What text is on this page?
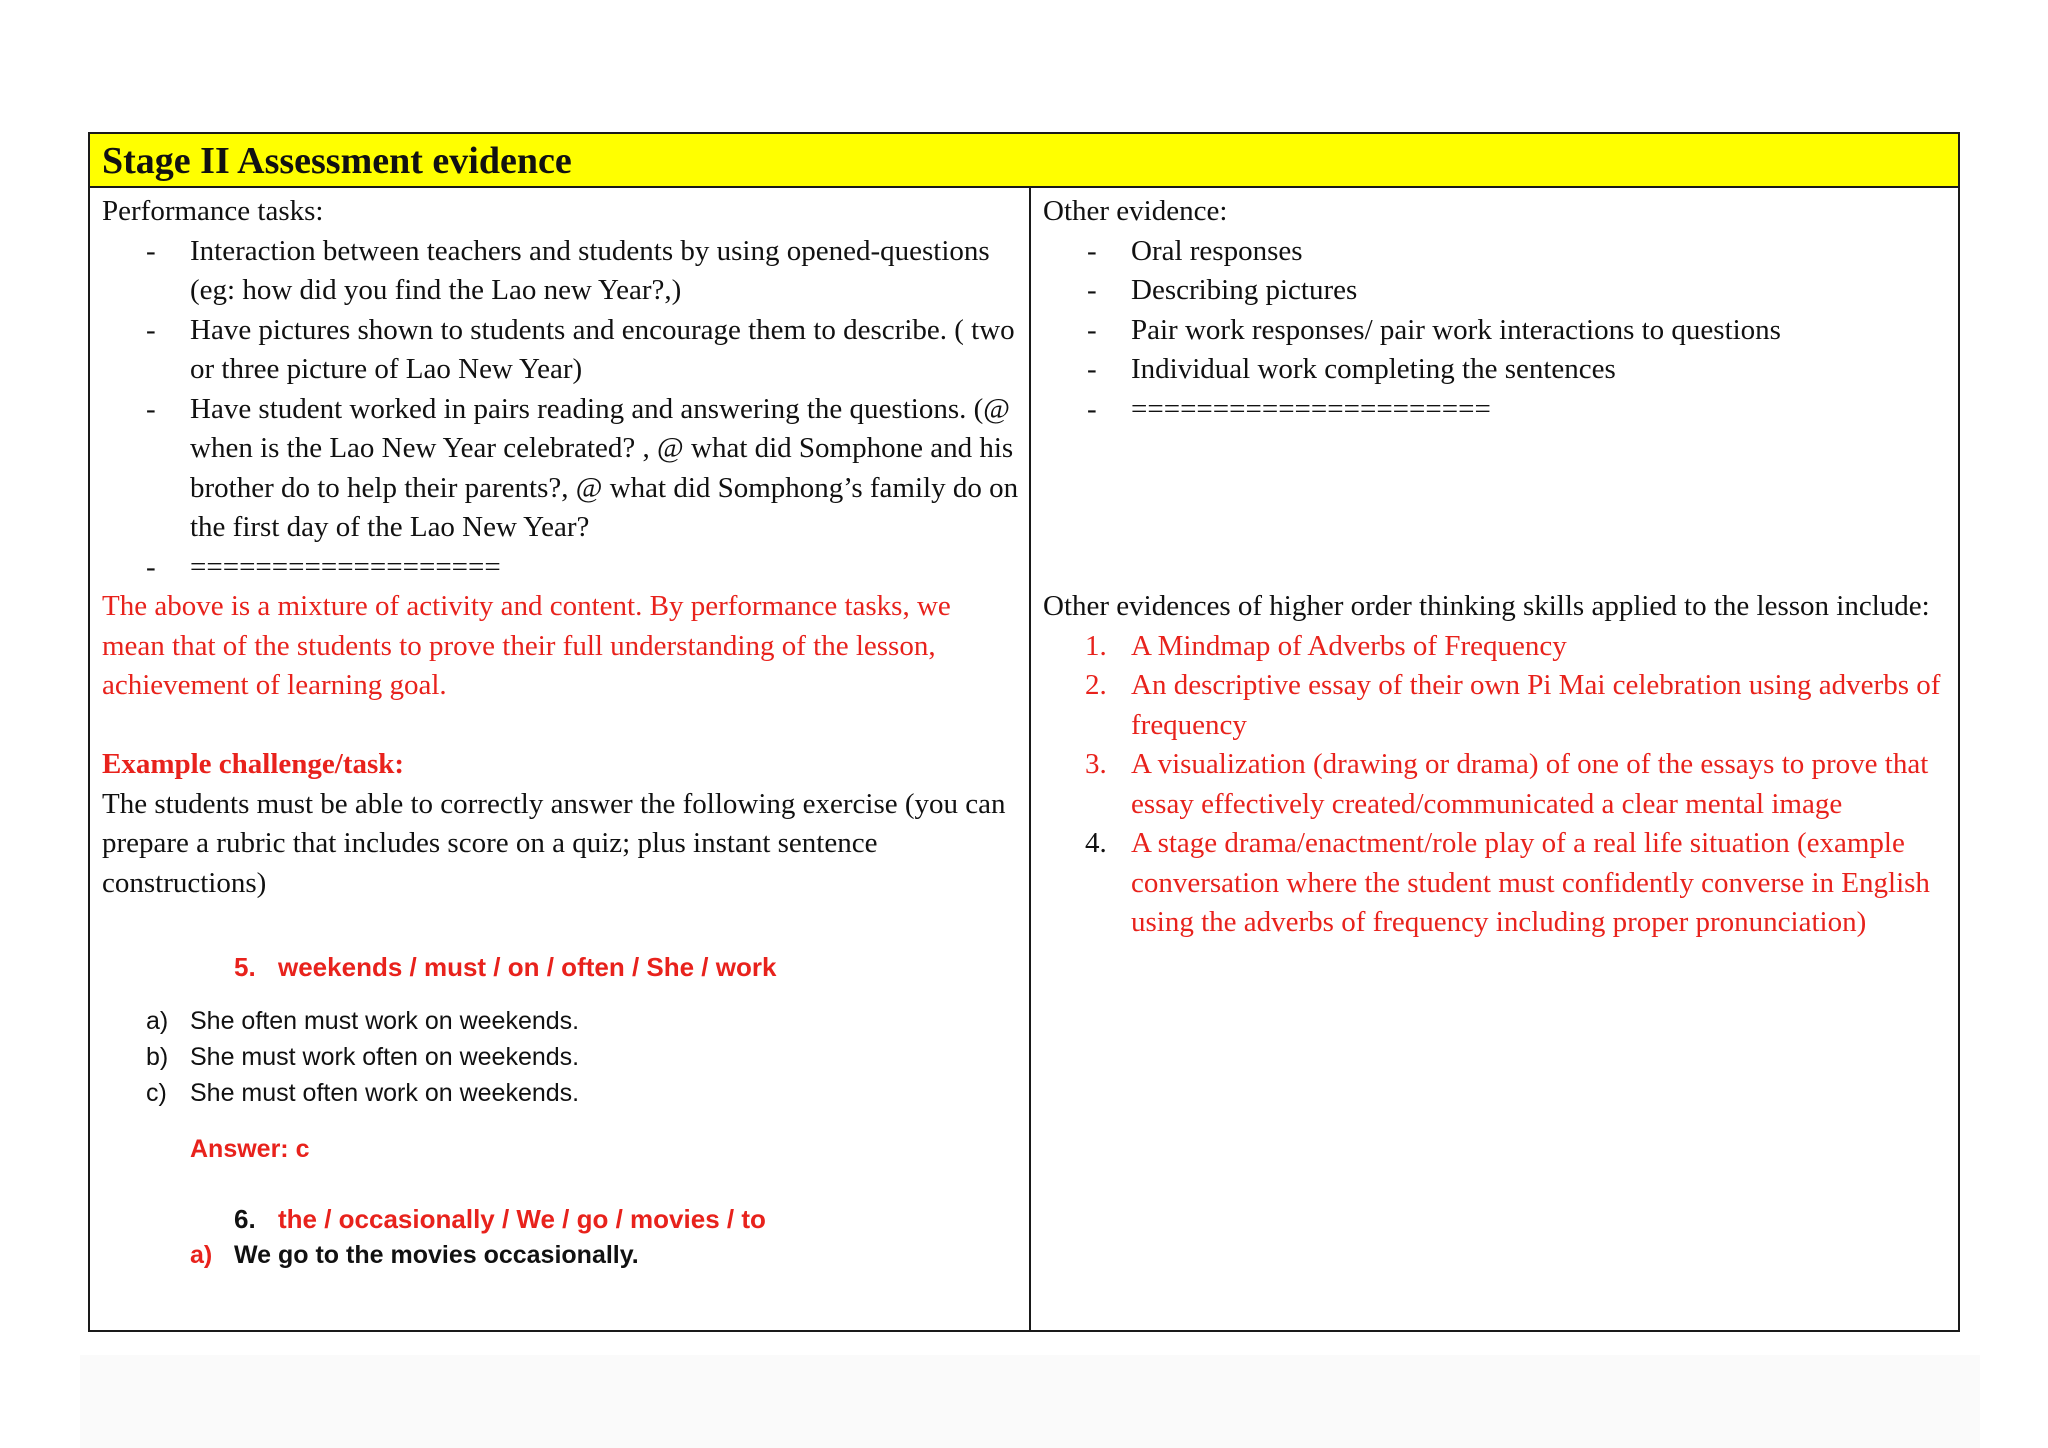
Stage II Assessment evidence
Performance tasks:
- Interaction between teachers and students by using opened-questions (eg: how did you find the Lao new Year?,)
- Have pictures shown to students and encourage them to describe. ( two or three picture of Lao New Year)
- Have student worked in pairs reading and answering the questions. (@ when is the Lao New Year celebrated? , @ what did Somphone and his brother do to help their parents?, @ what did Somphong’s family do on the first day of the Lao New Year?
- ===================
The above is a mixture of activity and content. By performance tasks, we mean that of the students to prove their full understanding of the lesson, achievement of learning goal.
Example challenge/task:
The students must be able to correctly answer the following exercise (you can prepare a rubric that includes score on a quiz; plus instant sentence constructions)
5. weekends / must / on / often / She / work
a) She often must work on weekends.
b) She must work often on weekends.
c) She must often work on weekends.
Answer: c
6. the / occasionally / We / go / movies / to
a) We go to the movies occasionally.
Other evidence:
- Oral responses
- Describing pictures
- Pair work responses/ pair work interactions to questions
- Individual work completing the sentences
- ======================
Other evidences of higher order thinking skills applied to the lesson include:
1. A Mindmap of Adverbs of Frequency
2. An descriptive essay of their own Pi Mai celebration using adverbs of frequency
3. A visualization (drawing or drama) of one of the essays to prove that essay effectively created/communicated a clear mental image
4. A stage drama/enactment/role play of a real life situation (example conversation where the student must confidently converse in English using the adverbs of frequency including proper pronunciation)
